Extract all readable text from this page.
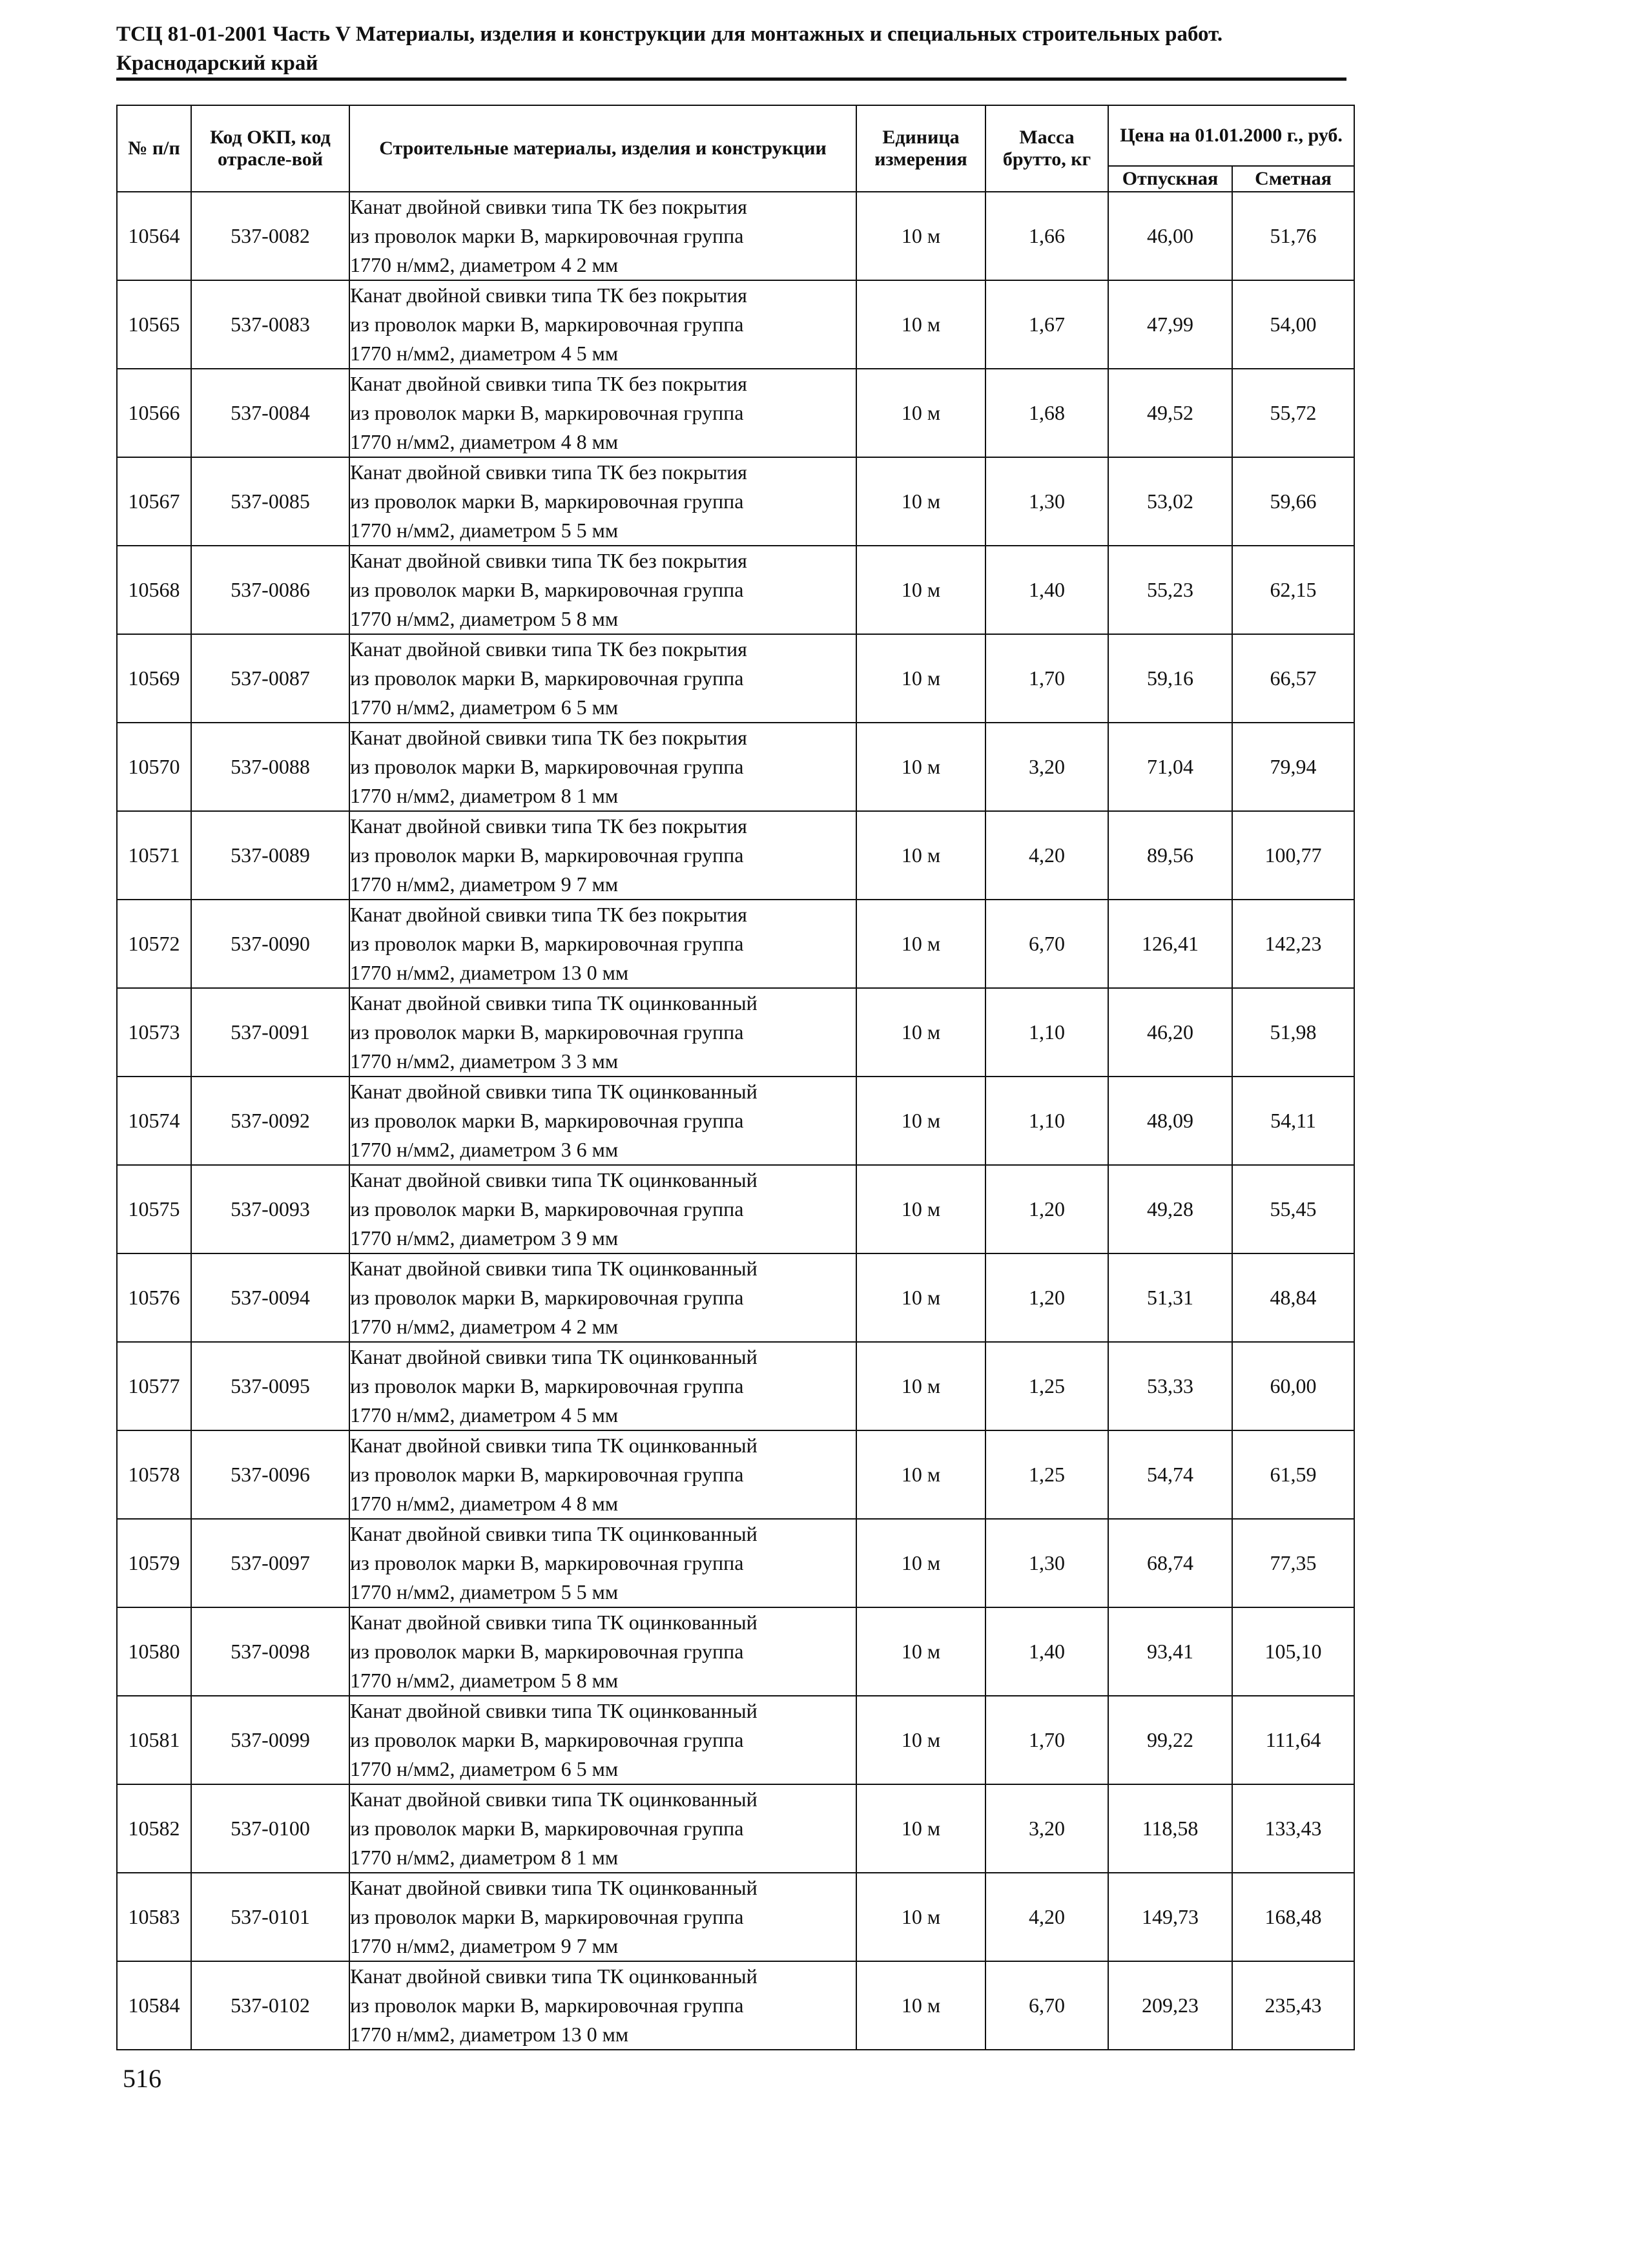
ТСЦ 81-01-2001 Часть V Материалы, изделия и конструкции для монтажных и специальных строительных работ.
Краснодарский край
№ п/п	Код ОКП, код отрасле-вой	Строительные материалы, изделия и конструкции	Единица измерения	Масса брутто, кг	Цена на 01.01.2000 г., руб.	
					Отпускная	Сметная
10564	537-0082	Канат двойной свивки типа ТК без покрытия
из проволок марки В, маркировочная группа
1770 н/мм2, диаметром 4 2 мм	10 м	1,66	46,00	51,76
10565	537-0083	Канат двойной свивки типа ТК без покрытия
из проволок марки В, маркировочная группа
1770 н/мм2, диаметром 4 5 мм	10 м	1,67	47,99	54,00
10566	537-0084	Канат двойной свивки типа ТК без покрытия
из проволок марки В, маркировочная группа
1770 н/мм2, диаметром 4 8 мм	10 м	1,68	49,52	55,72
10567	537-0085	Канат двойной свивки типа ТК без покрытия
из проволок марки В, маркировочная группа
1770 н/мм2, диаметром 5 5 мм	10 м	1,30	53,02	59,66
10568	537-0086	Канат двойной свивки типа ТК без покрытия
из проволок марки В, маркировочная группа
1770 н/мм2, диаметром 5 8 мм	10 м	1,40	55,23	62,15
10569	537-0087	Канат двойной свивки типа ТК без покрытия
из проволок марки В, маркировочная группа
1770 н/мм2, диаметром 6 5 мм	10 м	1,70	59,16	66,57
10570	537-0088	Канат двойной свивки типа ТК без покрытия
из проволок марки В, маркировочная группа
1770 н/мм2, диаметром 8 1 мм	10 м	3,20	71,04	79,94
10571	537-0089	Канат двойной свивки типа ТК без покрытия
из проволок марки В, маркировочная группа
1770 н/мм2, диаметром 9 7 мм	10 м	4,20	89,56	100,77
10572	537-0090	Канат двойной свивки типа ТК без покрытия
из проволок марки В, маркировочная группа
1770 н/мм2, диаметром 13 0 мм	10 м	6,70	126,41	142,23
10573	537-0091	Канат двойной свивки типа ТК оцинкованный
из проволок марки В, маркировочная группа
1770 н/мм2, диаметром 3 3 мм	10 м	1,10	46,20	51,98
10574	537-0092	Канат двойной свивки типа ТК оцинкованный
из проволок марки В, маркировочная группа
1770 н/мм2, диаметром 3 6 мм	10 м	1,10	48,09	54,11
10575	537-0093	Канат двойной свивки типа ТК оцинкованный
из проволок марки В, маркировочная группа
1770 н/мм2, диаметром 3 9 мм	10 м	1,20	49,28	55,45
10576	537-0094	Канат двойной свивки типа ТК оцинкованный
из проволок марки В, маркировочная группа
1770 н/мм2, диаметром 4 2 мм	10 м	1,20	51,31	48,84
10577	537-0095	Канат двойной свивки типа ТК оцинкованный
из проволок марки В, маркировочная группа
1770 н/мм2, диаметром 4 5 мм	10 м	1,25	53,33	60,00
10578	537-0096	Канат двойной свивки типа ТК оцинкованный
из проволок марки В, маркировочная группа
1770 н/мм2, диаметром 4 8 мм	10 м	1,25	54,74	61,59
10579	537-0097	Канат двойной свивки типа ТК оцинкованный
из проволок марки В, маркировочная группа
1770 н/мм2, диаметром 5 5 мм	10 м	1,30	68,74	77,35
10580	537-0098	Канат двойной свивки типа ТК оцинкованный
из проволок марки В, маркировочная группа
1770 н/мм2, диаметром 5 8 мм	10 м	1,40	93,41	105,10
10581	537-0099	Канат двойной свивки типа ТК оцинкованный
из проволок марки В, маркировочная группа
1770 н/мм2, диаметром 6 5 мм	10 м	1,70	99,22	111,64
10582	537-0100	Канат двойной свивки типа ТК оцинкованный
из проволок марки В, маркировочная группа
1770 н/мм2, диаметром 8 1 мм	10 м	3,20	118,58	133,43
10583	537-0101	Канат двойной свивки типа ТК оцинкованный
из проволок марки В, маркировочная группа
1770 н/мм2, диаметром 9 7 мм	10 м	4,20	149,73	168,48
10584	537-0102	Канат двойной свивки типа ТК оцинкованный
из проволок марки В, маркировочная группа
1770 н/мм2, диаметром 13 0 мм	10 м	6,70	209,23	235,43
516
